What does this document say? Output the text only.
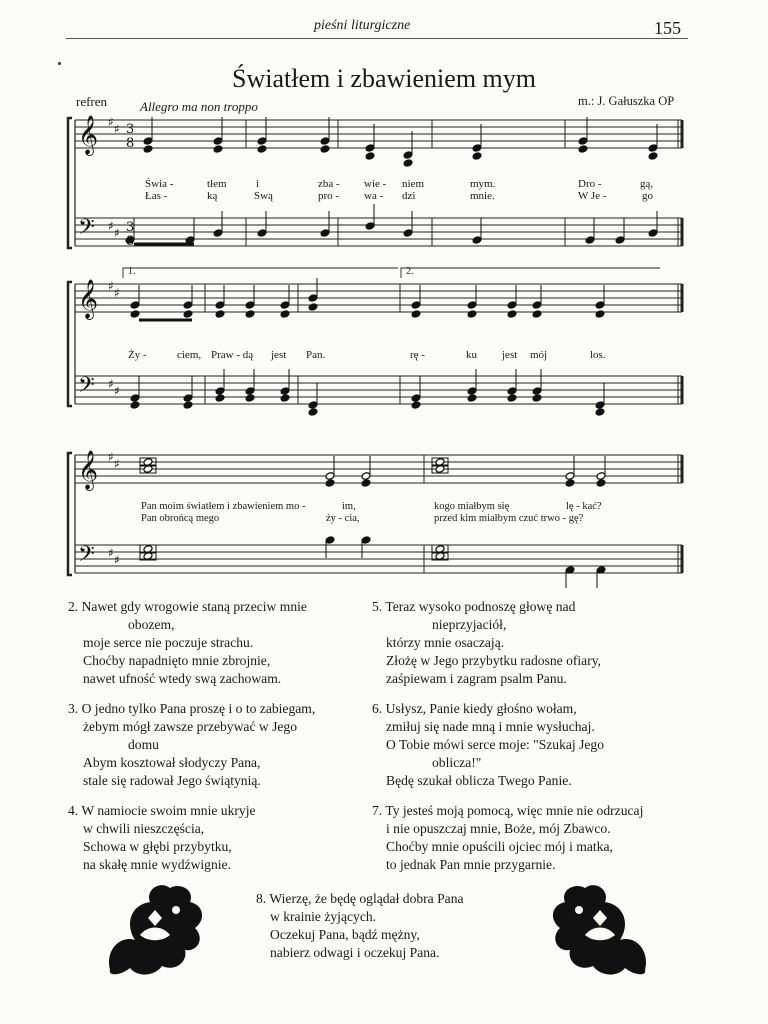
pieśni liturgiczne	155
Światłem i zbawieniem mym
refren	Allegro ma non troppo	m.: J. Gałuszka OP
𝄞
𝄢
♯ ♯
♯ ♯
3
8
3
𝄞
𝄢
♯ ♯
♯ ♯
𝄞
𝄢
♯ ♯
♯ ♯
Świa -	tłem	i	zba - wie - niem	mym.	Dro -	gą,
Łas -	ką	Swą	pro - wa - dzi	mnie.	W Je -	go
Ży -	ciem, Praw - dą jest Pan.	rę -	ku jest mój	los.
1.	2.
Pan moim światłem i zbawieniem mo -	im,
Pan obrońcą mego	ży - cia,
kogo miałbym się	lę - kać?
przed kim miałbym czuć trwo - gę?
2. Nawet gdy wrogowie staną przeciw mnie
obozem,
moje serce nie poczuje strachu.
Choćby napadnięto mnie zbrojnie,
nawet ufność wtedy swą zachowam.
3. O jedno tylko Pana proszę i o to zabiegam,
żebym mógł zawsze przebywać w Jego
domu
Abym kosztował słodyczy Pana,
stale się radował Jego świątynią.
4. W namiocie swoim mnie ukryje
w chwili nieszczęścia,
Schowa w głębi przybytku,
na skałę mnie wydźwignie.
5. Teraz wysoko podnoszę głowę nad
nieprzyjaciół,
którzy mnie osaczają.
Złożę w Jego przybytku radosne ofiary,
zaśpiewam i zagram psalm Panu.
6. Usłysz, Panie kiedy głośno wołam,
zmiłuj się nade mną i mnie wysłuchaj.
O Tobie mówi serce moje: "Szukaj Jego
oblicza!"
Będę szukał oblicza Twego Panie.
7. Ty jesteś moją pomocą, więc mnie nie odrzucaj
i nie opuszczaj mnie, Boże, mój Zbawco.
Choćby mnie opuścili ojciec mój i matka,
to jednak Pan mnie przygarnie.
8. Wierzę, że będę oglądał dobra Pana
w krainie żyjących.
Oczekuj Pana, bądź mężny,
nabierz odwagi i oczekuj Pana.
